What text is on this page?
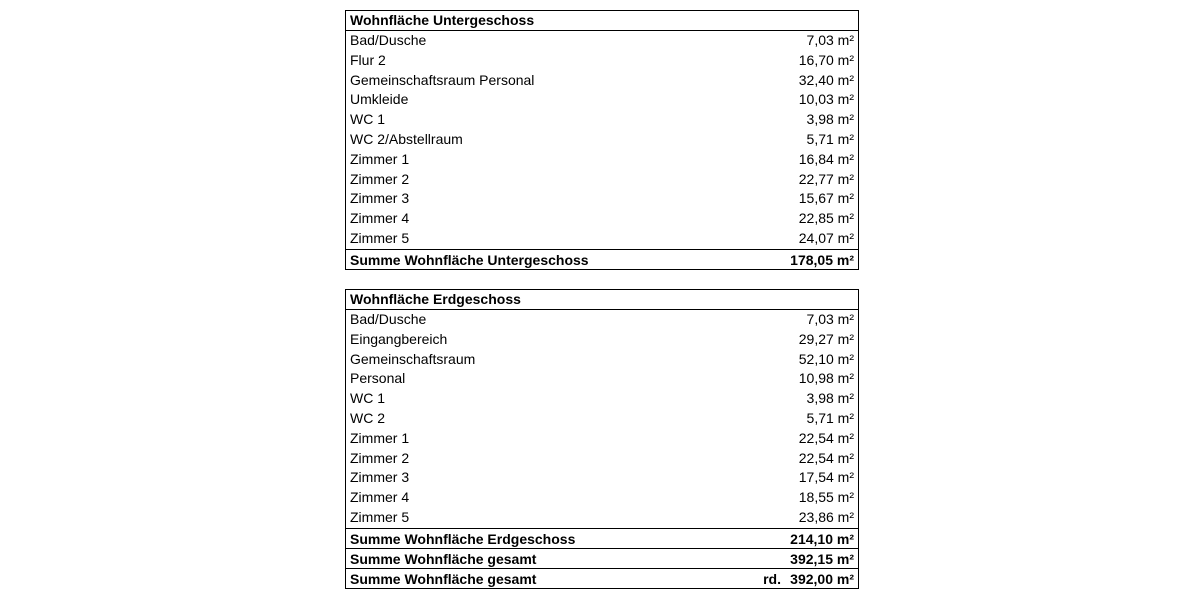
Wohnfläche Untergeschoss
Bad/Dusche	7,03 m²
Flur 2	16,70 m²
Gemeinschaftsraum Personal	32,40 m²
Umkleide	10,03 m²
WC 1	3,98 m²
WC 2/Abstellraum	5,71 m²
Zimmer 1	16,84 m²
Zimmer 2	22,77 m²
Zimmer 3	15,67 m²
Zimmer 4	22,85 m²
Zimmer 5	24,07 m²
Summe Wohnfläche Untergeschoss	178,05 m²
Wohnfläche Erdgeschoss
Bad/Dusche	7,03 m²
Eingangbereich	29,27 m²
Gemeinschaftsraum	52,10 m²
Personal	10,98 m²
WC 1	3,98 m²
WC 2	5,71 m²
Zimmer 1	22,54 m²
Zimmer 2	22,54 m²
Zimmer 3	17,54 m²
Zimmer 4	18,55 m²
Zimmer 5	23,86 m²
Summe Wohnfläche Erdgeschoss	214,10 m²
Summe Wohnfläche gesamt	392,15 m²
Summe Wohnfläche gesamt	rd. 392,00 m²
